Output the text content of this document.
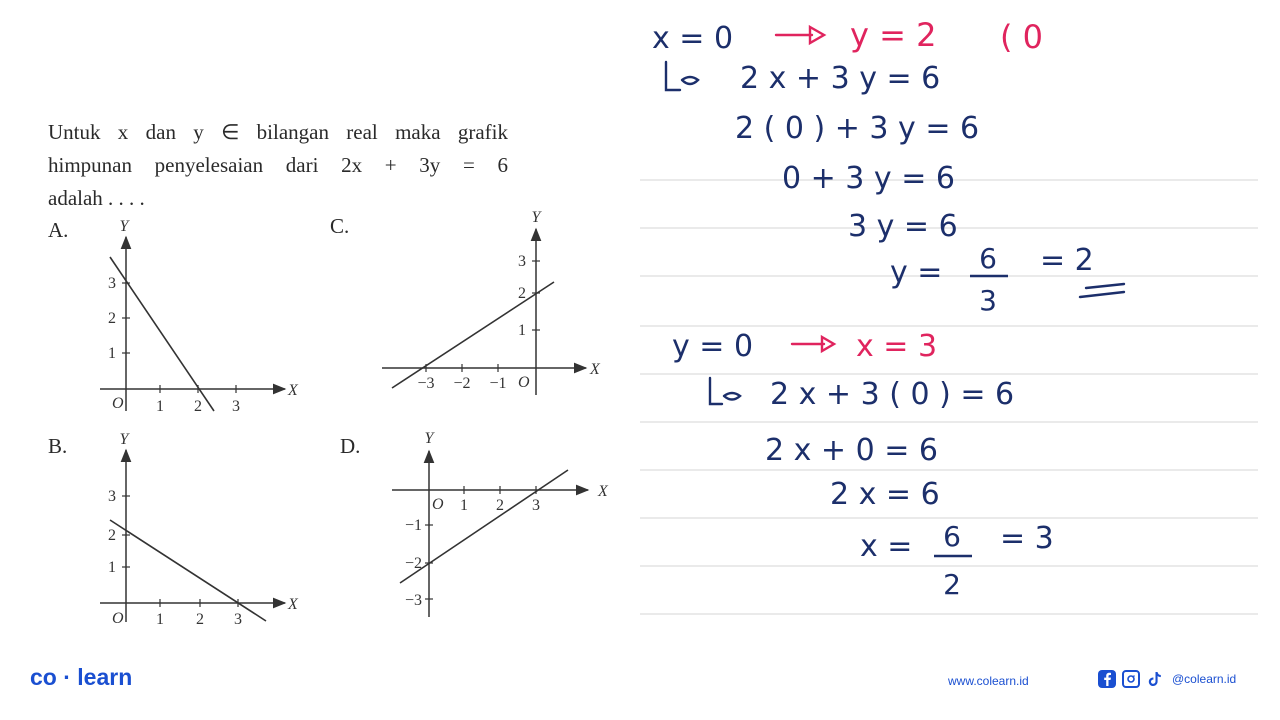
Untuk x dan y ∈ bilangan real maka grafik
himpunan penyelesaian dari 2x + 3y = 6
adalah . . . .
A.	Y
X
O 1 2 3
1
2
3
B.	Y
X
O 1 2 3
1
2
3
C.	Y
X
O
−3 −2 −1
1
2
3
D.	Y
X
O 1 2 3
−1
−2
−3
x = 0	y = 2 ( 0
2 x + 3 y = 6
2 ( 0 ) + 3 y = 6
0 + 3 y = 6
3 y = 6
y = 6
3
= 2
y = 0	x = 3
2 x + 3 ( 0 ) = 6
2 x + 0 = 6
2 x = 6
x = 6
2
= 3
co · learn	www.colearn.id	@colearn.id
